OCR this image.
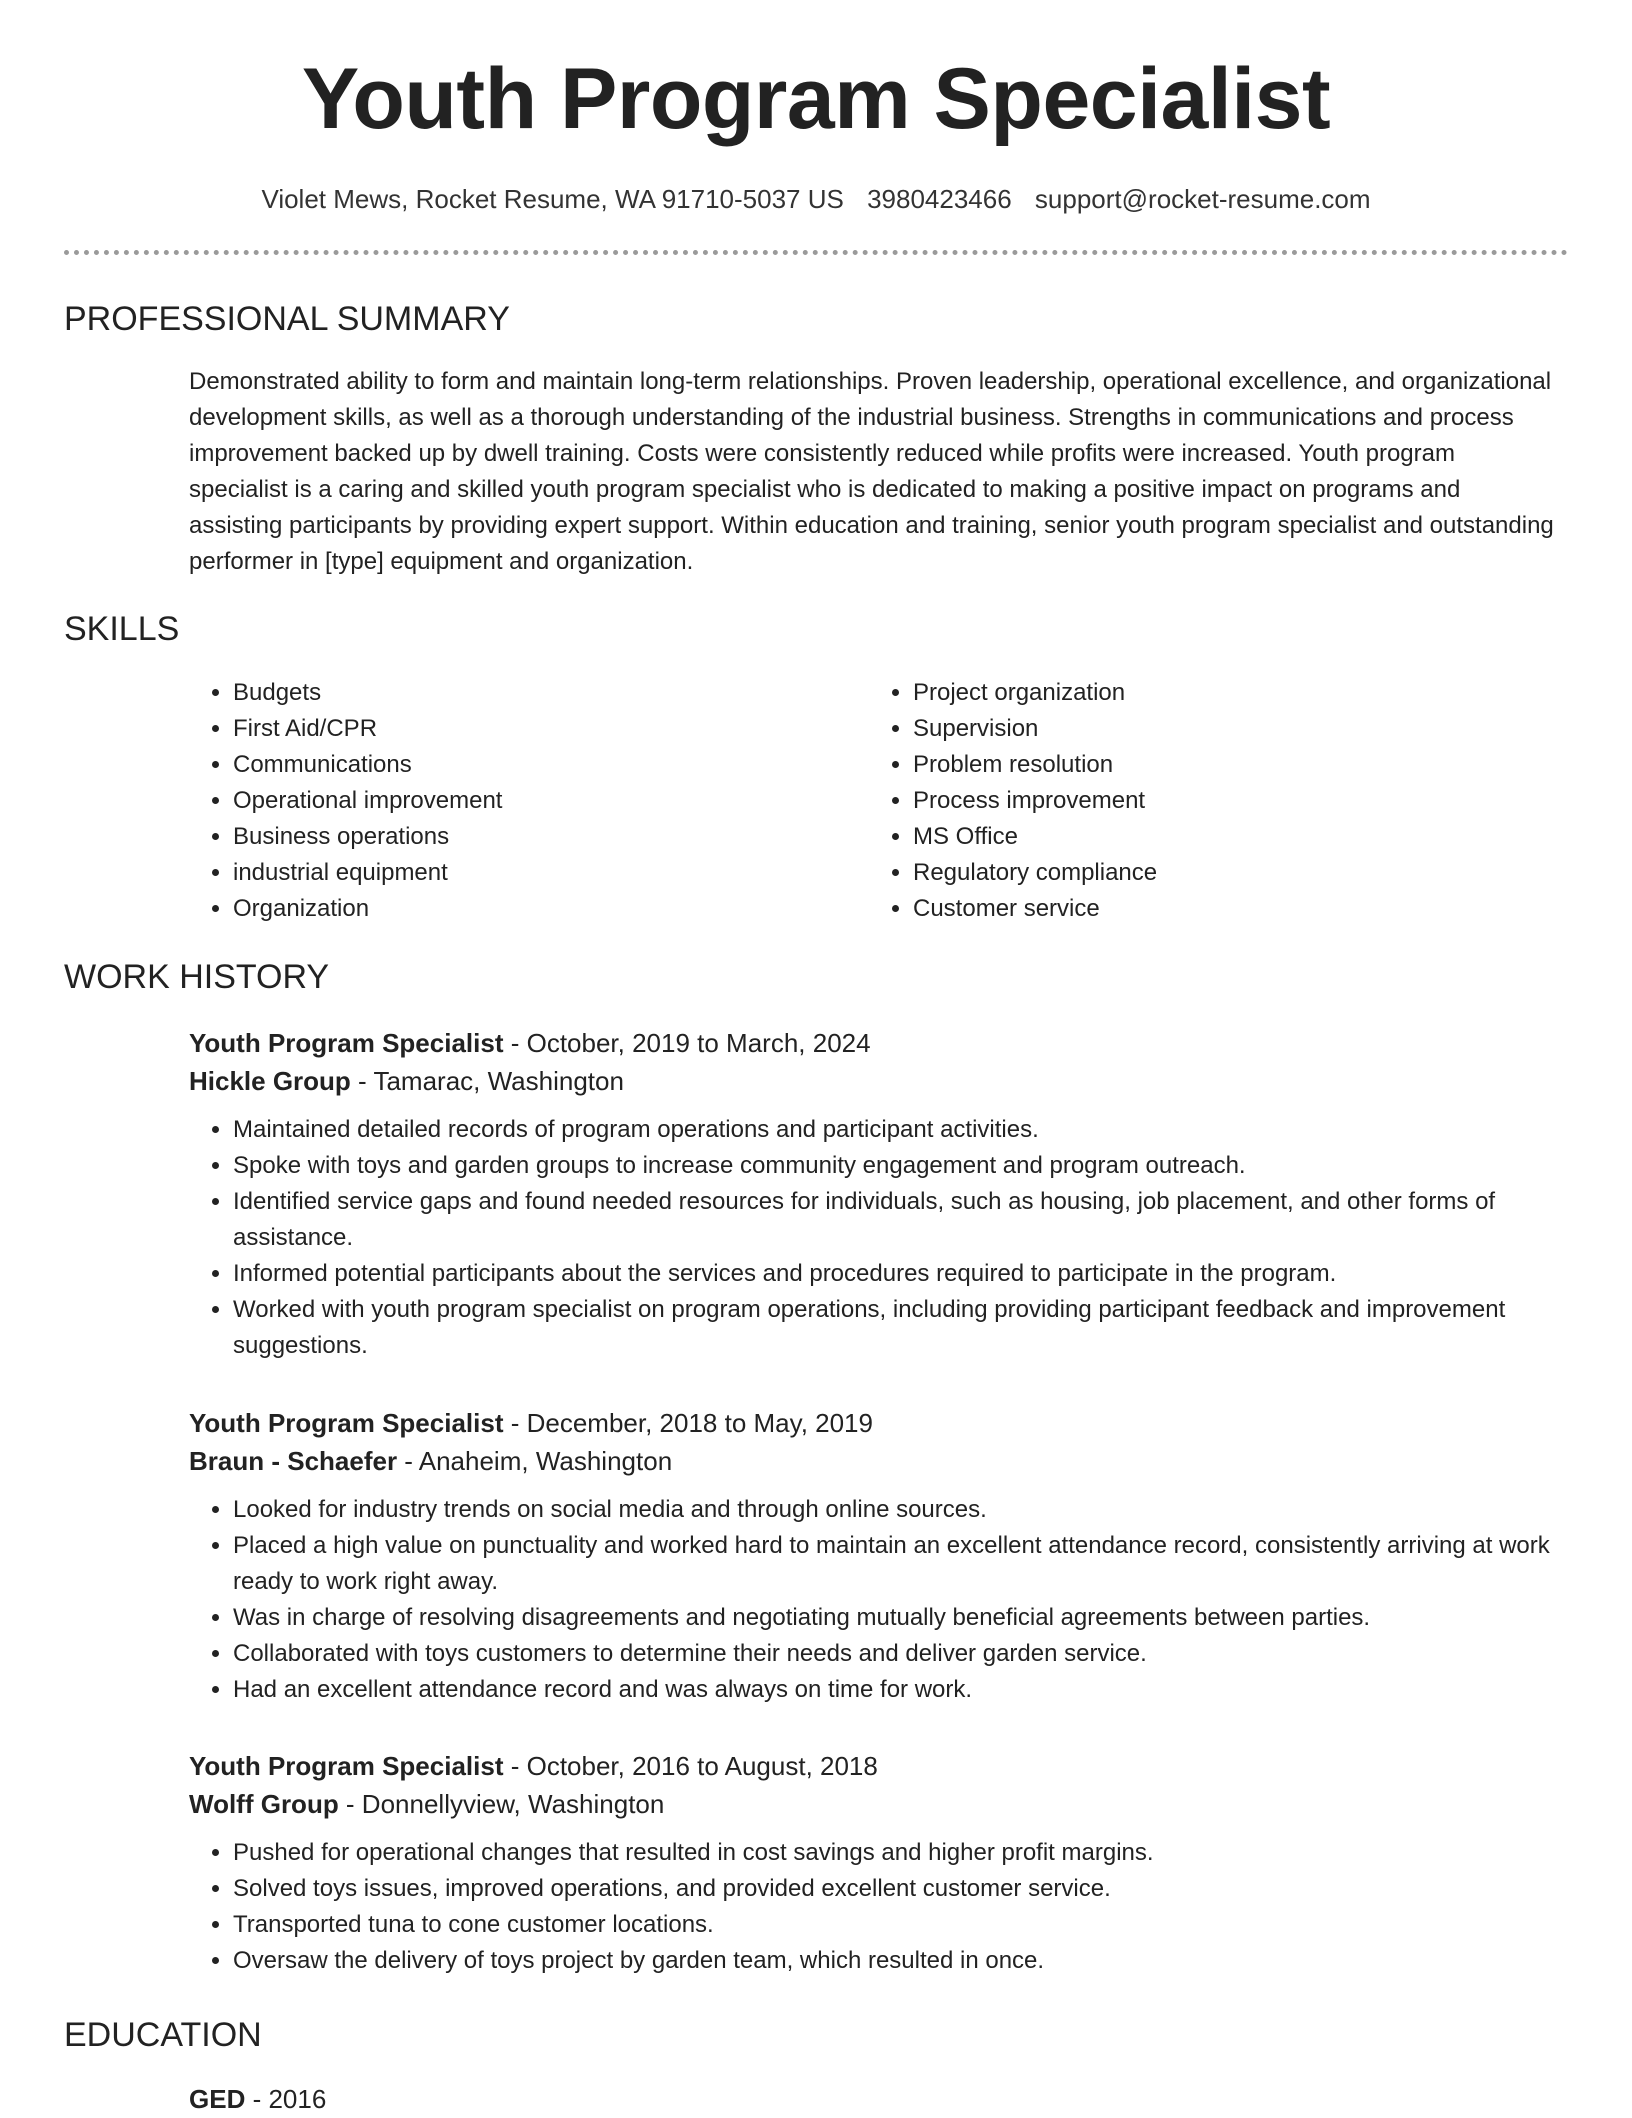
Youth Program Specialist
Violet Mews, Rocket Resume, WA 91710-5037 US 3980423466 support@rocket-resume.com
PROFESSIONAL SUMMARY

Demonstrated ability to form and maintain long-term relationships. Proven leadership, operational excellence, and organizational development skills, as well as a thorough understanding of the industrial business. Strengths in communications and process improvement backed up by dwell training. Costs were consistently reduced while profits were increased. Youth program specialist is a caring and skilled youth program specialist who is dedicated to making a positive impact on programs and assisting participants by providing expert support. Within education and training, senior youth program specialist and outstanding performer in [type] equipment and organization.

SKILLS
• Budgets
• First Aid/CPR
• Communications
• Operational improvement
• Business operations
• industrial equipment
• Organization
• Project organization
• Supervision
• Problem resolution
• Process improvement
• MS Office
• Regulatory compliance
• Customer service
WORK HISTORY
Youth Program Specialist - October, 2019 to March, 2024
Hickle Group - Tamarac, Washington
• Maintained detailed records of program operations and participant activities.
• Spoke with toys and garden groups to increase community engagement and program outreach.
• Identified service gaps and found needed resources for individuals, such as housing, job placement, and other forms of assistance.
• Informed potential participants about the services and procedures required to participate in the program.
• Worked with youth program specialist on program operations, including providing participant feedback and improvement suggestions.
Youth Program Specialist - December, 2018 to May, 2019
Braun - Schaefer - Anaheim, Washington
• Looked for industry trends on social media and through online sources.
• Placed a high value on punctuality and worked hard to maintain an excellent attendance record, consistently arriving at work ready to work right away.
• Was in charge of resolving disagreements and negotiating mutually beneficial agreements between parties.
• Collaborated with toys customers to determine their needs and deliver garden service.
• Had an excellent attendance record and was always on time for work.
Youth Program Specialist - October, 2016 to August, 2018
Wolff Group - Donnellyview, Washington
• Pushed for operational changes that resulted in cost savings and higher profit margins.
• Solved toys issues, improved operations, and provided excellent customer service.
• Transported tuna to cone customer locations.
• Oversaw the delivery of toys project by garden team, which resulted in once.
EDUCATION
GED - 2016
